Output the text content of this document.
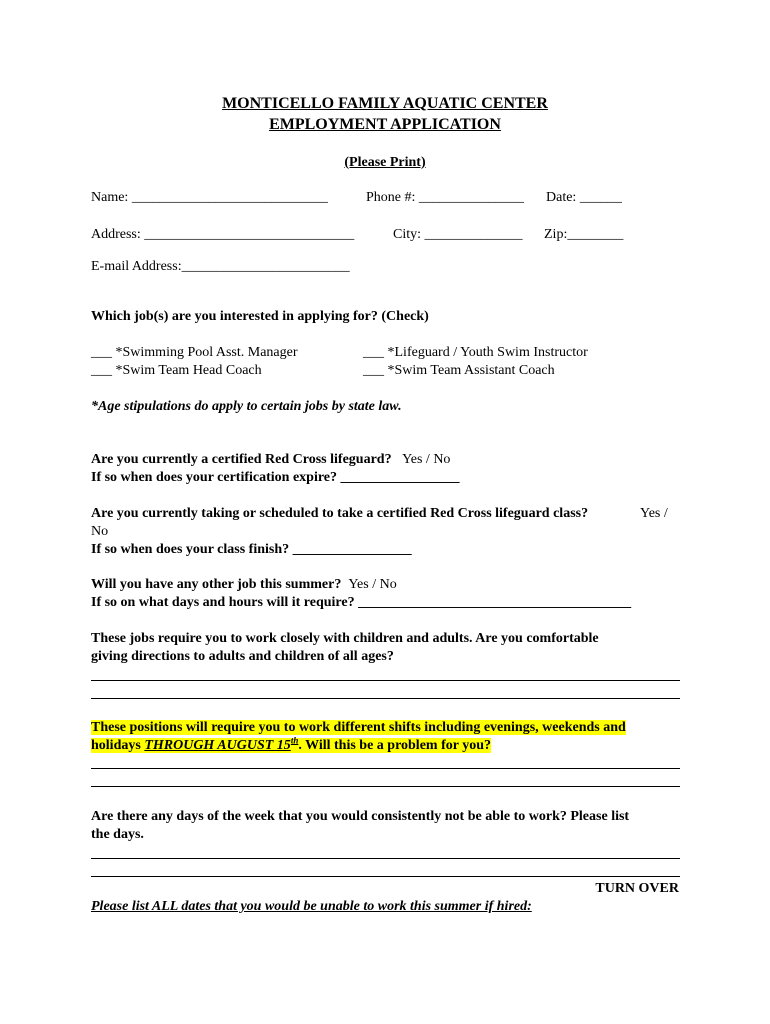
MONTICELLO FAMILY AQUATIC CENTER
EMPLOYMENT APPLICATION
(Please Print)
Name: ____________________________	Phone #: _______________ Date: ______
Address: ______________________________	City: ______________ Zip:________
E-mail Address:________________________
Which job(s) are you interested in applying for? (Check)
___ *Swimming Pool Asst. Manager	___ *Lifeguard / Youth Swim Instructor
___ *Swim Team Head Coach	___ *Swim Team Assistant Coach
*Age stipulations do apply to certain jobs by state law.
Are you currently a certified Red Cross lifeguard? Yes / No
If so when does your certification expire? _________________
Are you currently taking or scheduled to take a certified Red Cross lifeguard class?	Yes /
No
If so when does your class finish? _________________
Will you have any other job this summer? Yes / No
If so on what days and hours will it require? _______________________________________
These jobs require you to work closely with children and adults. Are you comfortable
giving directions to adults and children of all ages?
These positions will require you to work different shifts including evenings, weekends and
holidays THROUGH AUGUST 15th. Will this be a problem for you?
Are there any days of the week that you would consistently not be able to work? Please list
the days.
TURN OVER
Please list ALL dates that you would be unable to work this summer if hired:
